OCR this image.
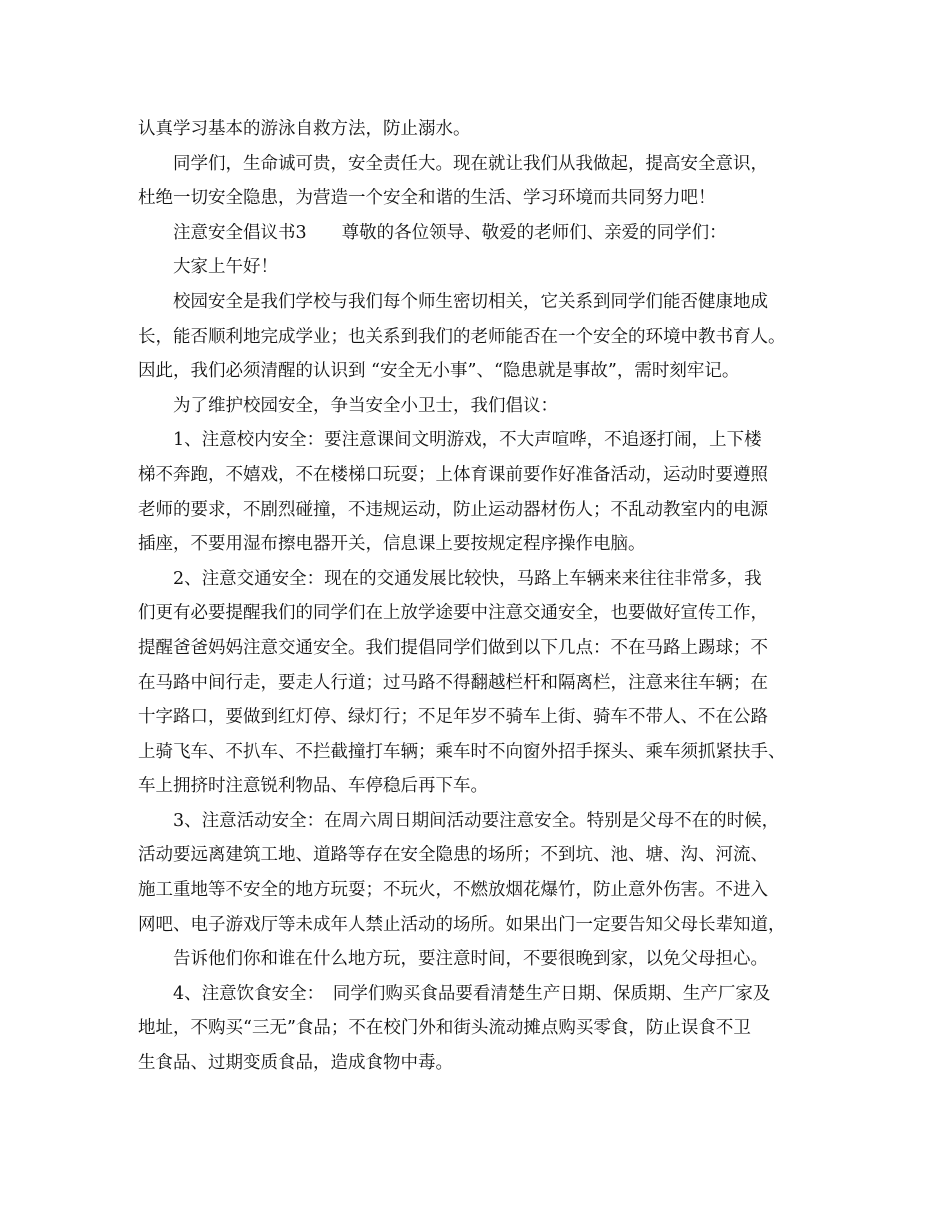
认真学习基本的游泳自救方法，防止溺水。
同学们，生命诚可贵，安全责任大。现在就让我们从我做起，提高安全意识，
杜绝一切安全隐患，为营造一个安全和谐的生活、学习环境而共同努力吧！
注意安全倡议书3　　尊敬的各位领导、敬爱的老师们、亲爱的同学们：
大家上午好！
校园安全是我们学校与我们每个师生密切相关，它关系到同学们能否健康地成
长，能否顺利地完成学业；也关系到我们的老师能否在一个安全的环境中教书育人。
因此，我们必须清醒的认识到 “安全无小事”、“隐患就是事故”，需时刻牢记。
为了维护校园安全，争当安全小卫士，我们倡议：
1、注意校内安全：要注意课间文明游戏，不大声喧哗，不追逐打闹，上下楼
梯不奔跑，不嬉戏，不在楼梯口玩耍；上体育课前要作好准备活动，运动时要遵照
老师的要求，不剧烈碰撞，不违规运动，防止运动器材伤人；不乱动教室内的电源
插座，不要用湿布擦电器开关，信息课上要按规定程序操作电脑。
2、注意交通安全：现在的交通发展比较快，马路上车辆来来往往非常多，我
们更有必要提醒我们的同学们在上放学途要中注意交通安全，也要做好宣传工作，
提醒爸爸妈妈注意交通安全。我们提倡同学们做到以下几点：不在马路上踢球；不
在马路中间行走，要走人行道；过马路不得翻越栏杆和隔离栏，注意来往车辆；在
十字路口，要做到红灯停、绿灯行；不足年岁不骑车上街、骑车不带人、不在公路
上骑飞车、不扒车、不拦截撞打车辆；乘车时不向窗外招手探头、乘车须抓紧扶手、
车上拥挤时注意锐利物品、车停稳后再下车。
3、注意活动安全：在周六周日期间活动要注意安全。特别是父母不在的时候，
活动要远离建筑工地、道路等存在安全隐患的场所；不到坑、池、塘、沟、河流、
施工重地等不安全的地方玩耍；不玩火，不燃放烟花爆竹，防止意外伤害。不进入
网吧、电子游戏厅等未成年人禁止活动的场所。如果出门一定要告知父母长辈知道，
告诉他们你和谁在什么地方玩，要注意时间，不要很晚到家，以免父母担心。
4、注意饮食安全：　同学们购买食品要看清楚生产日期、保质期、生产厂家及
地址，不购买“三无”食品；不在校门外和街头流动摊点购买零食，防止误食不卫
生食品、过期变质食品，造成食物中毒。
